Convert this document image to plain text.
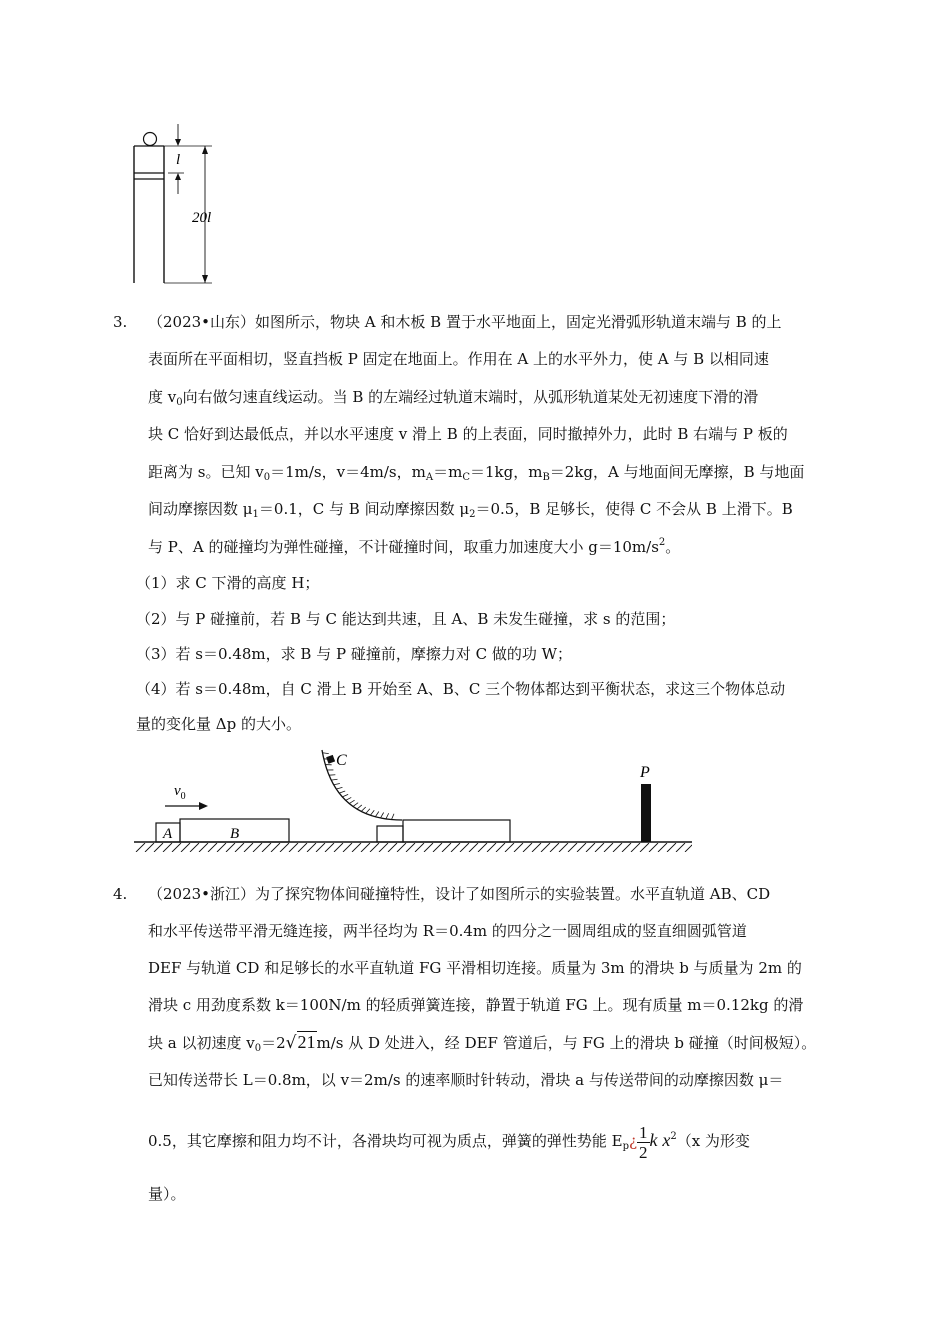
l
20l
3. （2023•山东）如图所示，物块 A 和木板 B 置于水平地面上，固定光滑弧形轨道末端与 B 的上
表面所在平面相切，竖直挡板 P 固定在地面上。作用在 A 上的水平外力，使 A 与 B 以相同速
度 $v_0$向右做匀速直线运动。当 B 的左端经过轨道末端时，从弧形轨道某处无初速度下滑的滑
块 C 恰好到达最低点，并以水平速度 v 滑上 B 的上表面，同时撤掉外力，此时 B 右端与 P 板的
距离为 s。已知 $v_0=1m/s$，v＝4m/s，$m_A=m_C=1kg$，$m_B=2kg$，A 与地面间无摩擦，B 与地面
间动摩擦因数 $\mu_1=0.1$，C 与 B 间动摩擦因数 $\mu_2=0.5$，B 足够长，使得 C 不会从 B 上滑下。B
与 P、A 的碰撞均为弹性碰撞，不计碰撞时间，取重力加速度大小 $g=10m/s^2$。
（1）求 C 下滑的高度 H；
（2）与 P 碰撞前，若 B 与 C 能达到共速，且 A、B 未发生碰撞，求 s 的范围；
（3）若 s＝0.48m，求 B 与 P 碰撞前，摩擦力对 C 做的功 W；
（4）若 s＝0.48m，自 C 滑上 B 开始至 A、B、C 三个物体都达到平衡状态，求这三个物体总动
量的变化量 Δp 的大小。
A	B
$v_0$
C
P
4. （2023•浙江）为了探究物体间碰撞特性，设计了如图所示的实验装置。水平直轨道 AB、CD
和水平传送带平滑无缝连接，两半径均为 R＝0.4m 的四分之一圆周组成的竖直细圆弧管道
DEF 与轨道 CD 和足够长的水平直轨道 FG 平滑相切连接。质量为 3m 的滑块 b 与质量为 2m 的
滑块 c 用劲度系数 k＝100N/m 的轻质弹簧连接，静置于轨道 FG 上。现有质量 m＝0.12kg 的滑
块 a 以初速度 $v_0=2$
√21m/s 从 D 处进入，经 DEF 管道后，与 FG 上的滑块 b 碰撞（时间极短）。
已知传送带长 L＝0.8m，以 v＝2m/s 的速率顺时针转动，滑块 a 与传送带间的动摩擦因数 μ＝
0.5，其它摩擦和阻力均不计，各滑块均可视为质点，弹簧的弹性势能 $E_p¿ \frac{1}{2}$ k $x^2(x$ 为形变
量）。
